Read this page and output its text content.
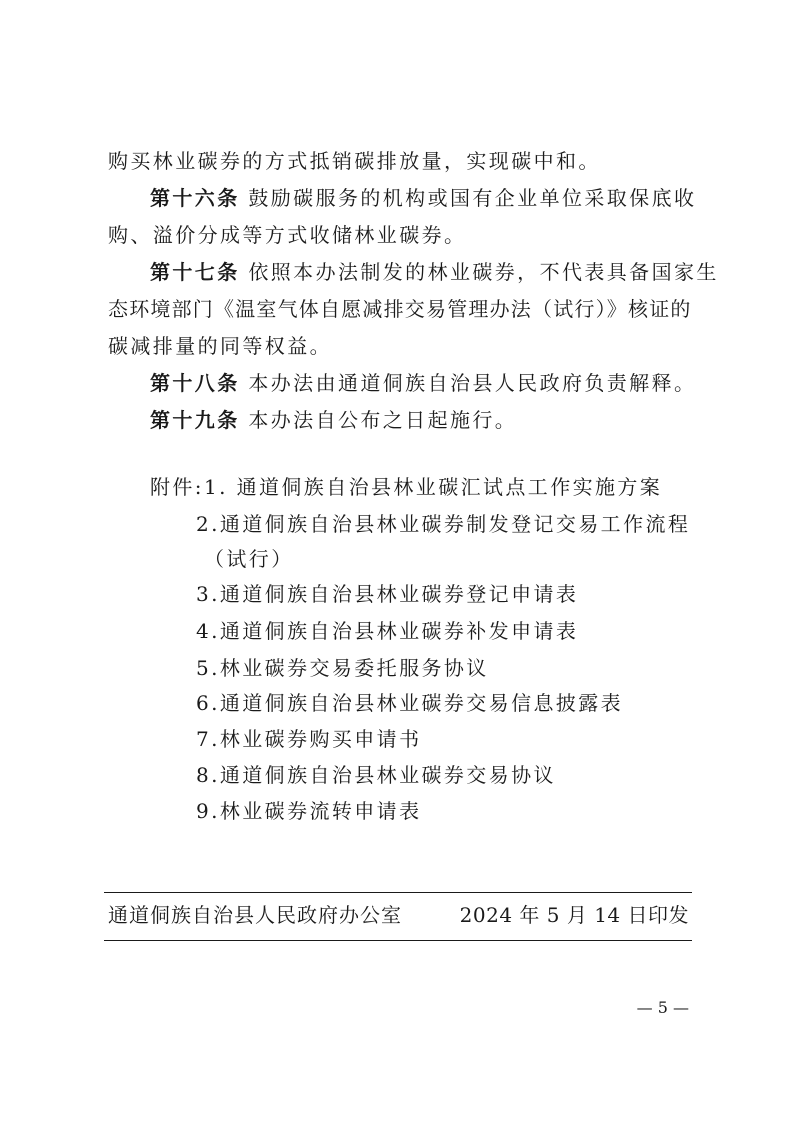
购买林业碳券的方式抵销碳排放量，实现碳中和。
第十六条 鼓励碳服务的机构或国有企业单位采取保底收
购、溢价分成等方式收储林业碳券。
第十七条 依照本办法制发的林业碳券，不代表具备国家生
态环境部门《温室气体自愿减排交易管理办法（试行）》核证的
碳减排量的同等权益。
第十八条 本办法由通道侗族自治县人民政府负责解释。
第十九条 本办法自公布之日起施行。
附件:1. 通道侗族自治县林业碳汇试点工作实施方案
2.通道侗族自治县林业碳券制发登记交易工作流程
（试行）
3.通道侗族自治县林业碳券登记申请表
4.通道侗族自治县林业碳券补发申请表
5.林业碳券交易委托服务协议
6.通道侗族自治县林业碳券交易信息披露表
7.林业碳券购买申请书
8.通道侗族自治县林业碳券交易协议
9.林业碳券流转申请表
通道侗族自治县人民政府办公室	2024 年 5 月 14 日印发
— 5 —
